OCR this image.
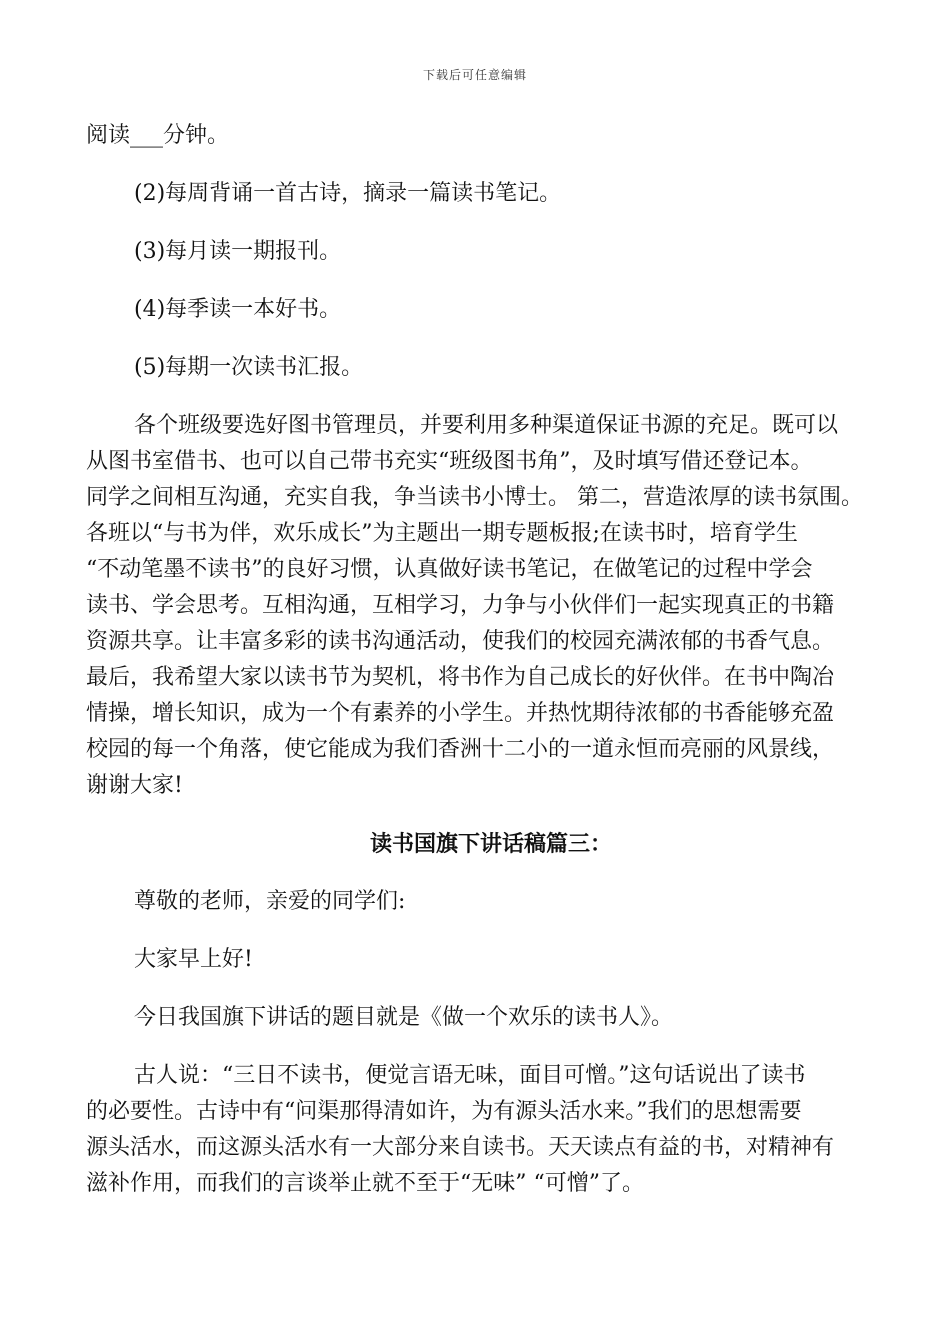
下载后可任意编辑

阅读___分钟。

(2)每周背诵一首古诗，摘录一篇读书笔记。

(3)每月读一期报刊。

(4)每季读一本好书。

(5)每期一次读书汇报。

各个班级要选好图书管理员，并要利用多种渠道保证书源的充足。既可以

从图书室借书、也可以自己带书充实“班级图书角”，及时填写借还登记本。

同学之间相互沟通，充实自我，争当读书小博士。 第二，营造浓厚的读书氛围。

各班以“与书为伴，欢乐成长”为主题出一期专题板报;在读书时，培育学生

“不动笔墨不读书”的良好习惯，认真做好读书笔记，在做笔记的过程中学会

读书、学会思考。互相沟通，互相学习，力争与小伙伴们一起实现真正的书籍

资源共享。让丰富多彩的读书沟通活动，使我们的校园充满浓郁的书香气息。

最后，我希望大家以读书节为契机，将书作为自己成长的好伙伴。在书中陶冶

情操，增长知识，成为一个有素养的小学生。并热忱期待浓郁的书香能够充盈

校园的每一个角落，使它能成为我们香洲十二小的一道永恒而亮丽的风景线，

谢谢大家!

读书国旗下讲话稿篇三：

尊敬的老师，亲爱的同学们:

大家早上好!

今日我国旗下讲话的题目就是《做一个欢乐的读书人》。

古人说：“三日不读书，便觉言语无味，面目可憎。”这句话说出了读书

的必要性。古诗中有“问渠那得清如许，为有源头活水来。”我们的思想需要

源头活水，而这源头活水有一大部分来自读书。天天读点有益的书，对精神有

滋补作用，而我们的言谈举止就不至于“无味” “可憎”了。
